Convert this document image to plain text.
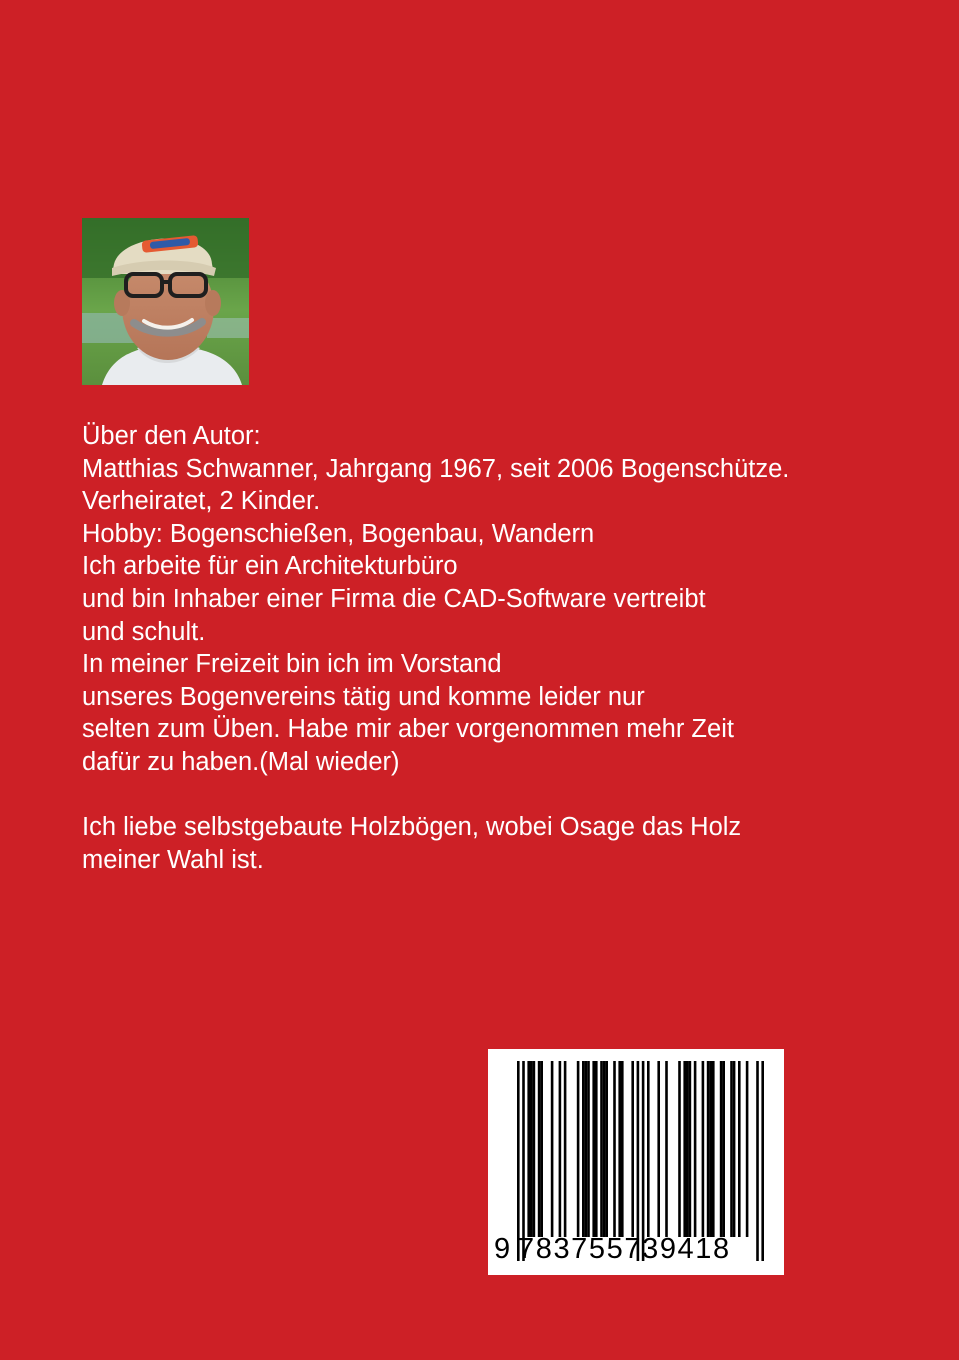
Über den Autor:
Matthias Schwanner, Jahrgang 1967, seit 2006 Bogenschütze.
Verheiratet, 2 Kinder.
Hobby: Bogenschießen, Bogenbau, Wandern
Ich arbeite für ein Architekturbüro
und bin Inhaber einer Firma die CAD-Software vertreibt
und schult.
In meiner Freizeit bin ich im Vorstand
unseres Bogenvereins tätig und komme leider nur
selten zum Üben. Habe mir aber vorgenommen mehr Zeit
dafür zu haben.(Mal wieder)
Ich liebe selbstgebaute Holzbögen, wobei Osage das Holz
meiner Wahl ist.
9 783755739418
